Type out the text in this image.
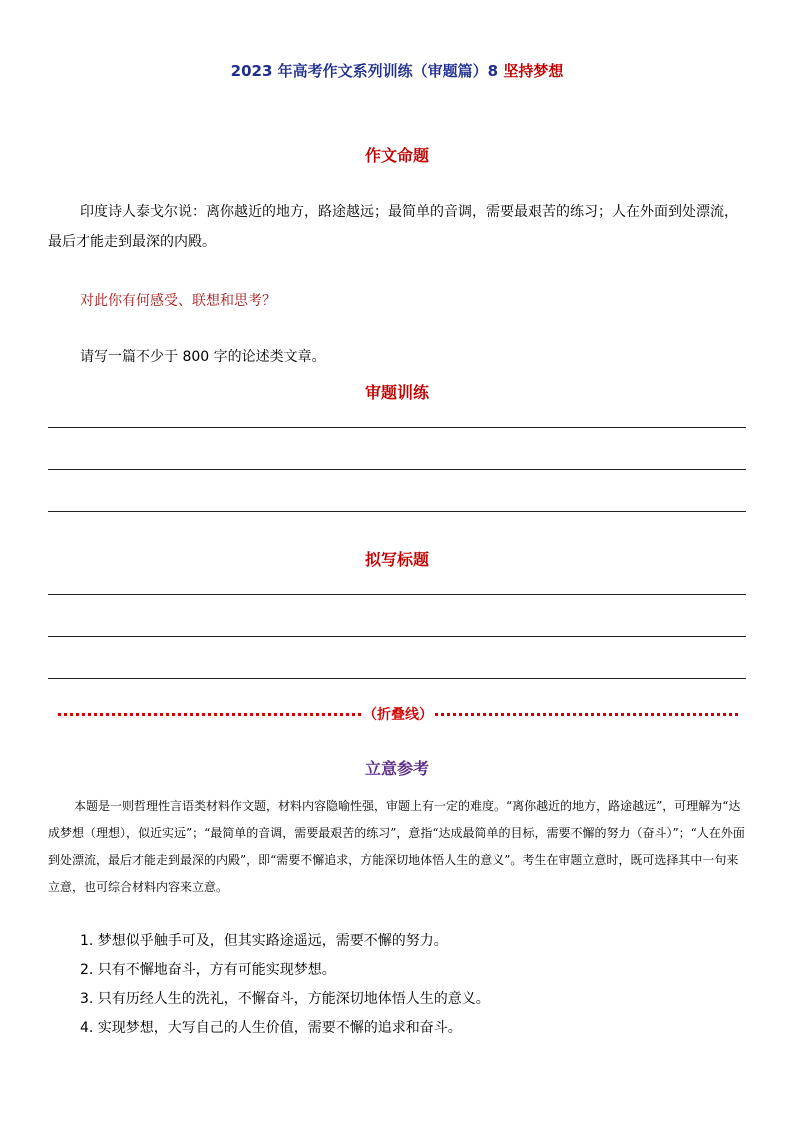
2023 年高考作文系列训练（审题篇）8 坚持梦想
作文命题
印度诗人泰戈尔说：离你越近的地方，路途越远；最简单的音调，需要最艰苦的练习；人在外面到处漂流，最后才能走到最深的内殿。
对此你有何感受、联想和思考？
请写一篇不少于 800 字的论述类文章。
审题训练
拟写标题
（折叠线）
立意参考
本题是一则哲理性言语类材料作文题，材料内容隐喻性强，审题上有一定的难度。“离你越近的地方，路途越远”，可理解为“达成梦想（理想），似近实远”；“最简单的音调，需要最艰苦的练习”，意指“达成最简单的目标，需要不懈的努力（奋斗）”；“人在外面到处漂流，最后才能走到最深的内殿”，即“需要不懈追求，方能深切地体悟人生的意义”。考生在审题立意时，既可选择其中一句来立意，也可综合材料内容来立意。
1. 梦想似乎触手可及，但其实路途遥远，需要不懈的努力。
2. 只有不懈地奋斗，方有可能实现梦想。
3. 只有历经人生的洗礼，不懈奋斗，方能深切地体悟人生的意义。
4. 实现梦想，大写自己的人生价值，需要不懈的追求和奋斗。
